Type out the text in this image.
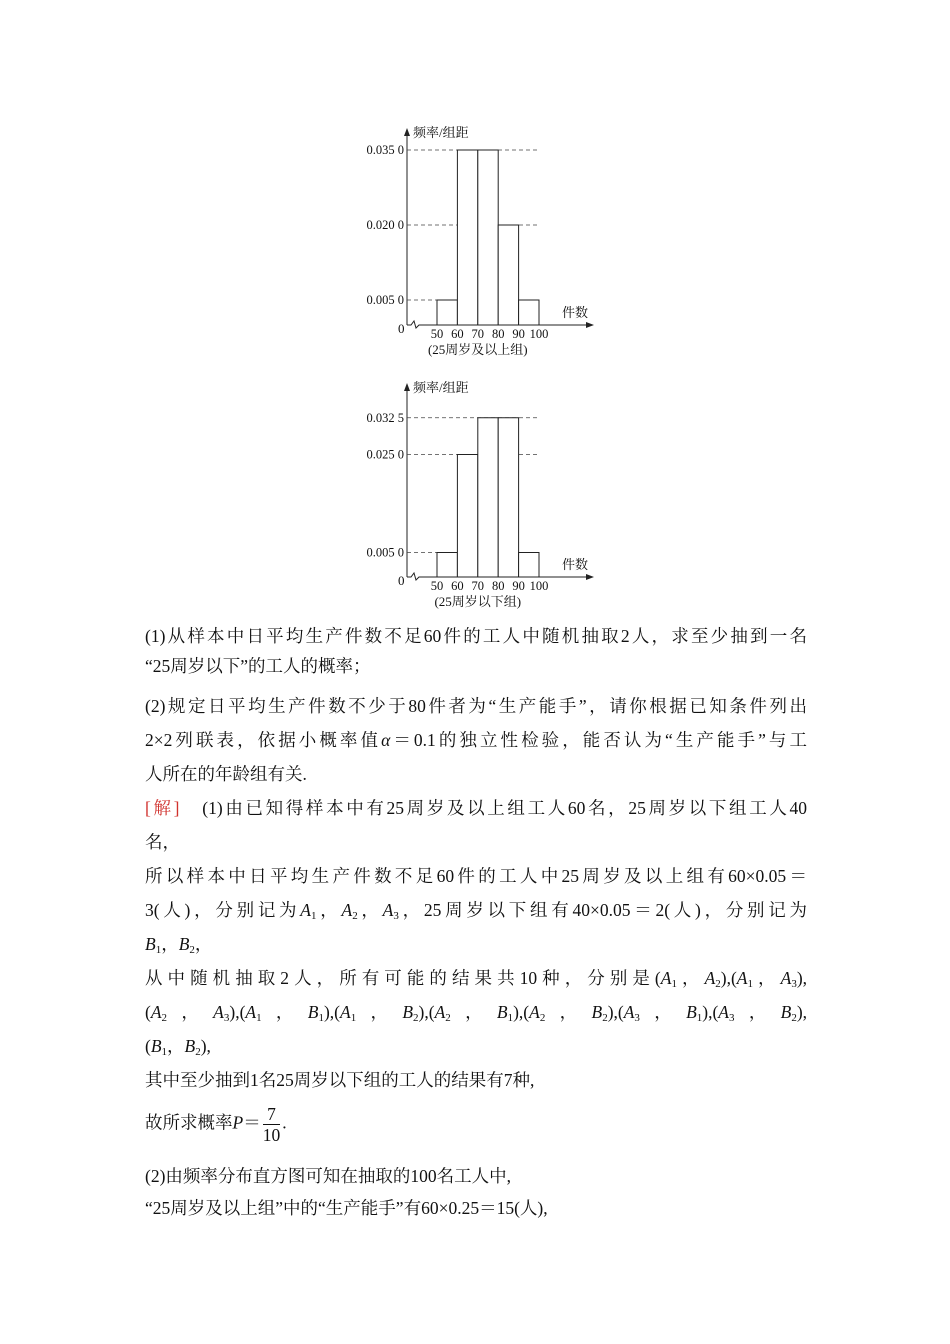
频率/组距
件数
0
0.035 0
0.020 0
0.005 0
50 60 70 80 90 100
(25周岁及以上组)
频率/组距
件数
0
0.032 5
0.025 0
0.005 0
50 60 70 80 90 100
(25周岁以下组)
(1)从样本中日平均生产件数不足60件的工人中随机抽取2人，求至少抽到一名
“25周岁以下”的工人的概率；
(2)规定日平均生产件数不少于80件者为“生产能手”，请你根据已知条件列出
2×2列联表，依据小概率值α＝0.1的独立性检验，能否认为“生产能手”与工
人所在的年龄组有关.
[解]　(1)由已知得样本中有25周岁及以上组工人60名，25周岁以下组工人40
名，
所以样本中日平均生产件数不足60件的工人中25周岁及以上组有60×0.05＝
3(人)，分别记为A1，A2，A3，25周岁以下组有40×0.05＝2(人)，分别记为
B1，B2，
从中随机抽取2人，所有可能的结果共10种，分别是(A1，A2),(A1，A3),
(A2，A3),(A1，B1),(A1，B2),(A2，B1),(A2，B2),(A3，B1),(A3，B2),
(B1，B2),
其中至少抽到1名25周岁以下组的工人的结果有7种,
故所求概率$P= \frac{7}{10}$ .
(2)由频率分布直方图可知在抽取的100名工人中,
“25周岁及以上组”中的“生产能手”有60×0.25＝15(人),
